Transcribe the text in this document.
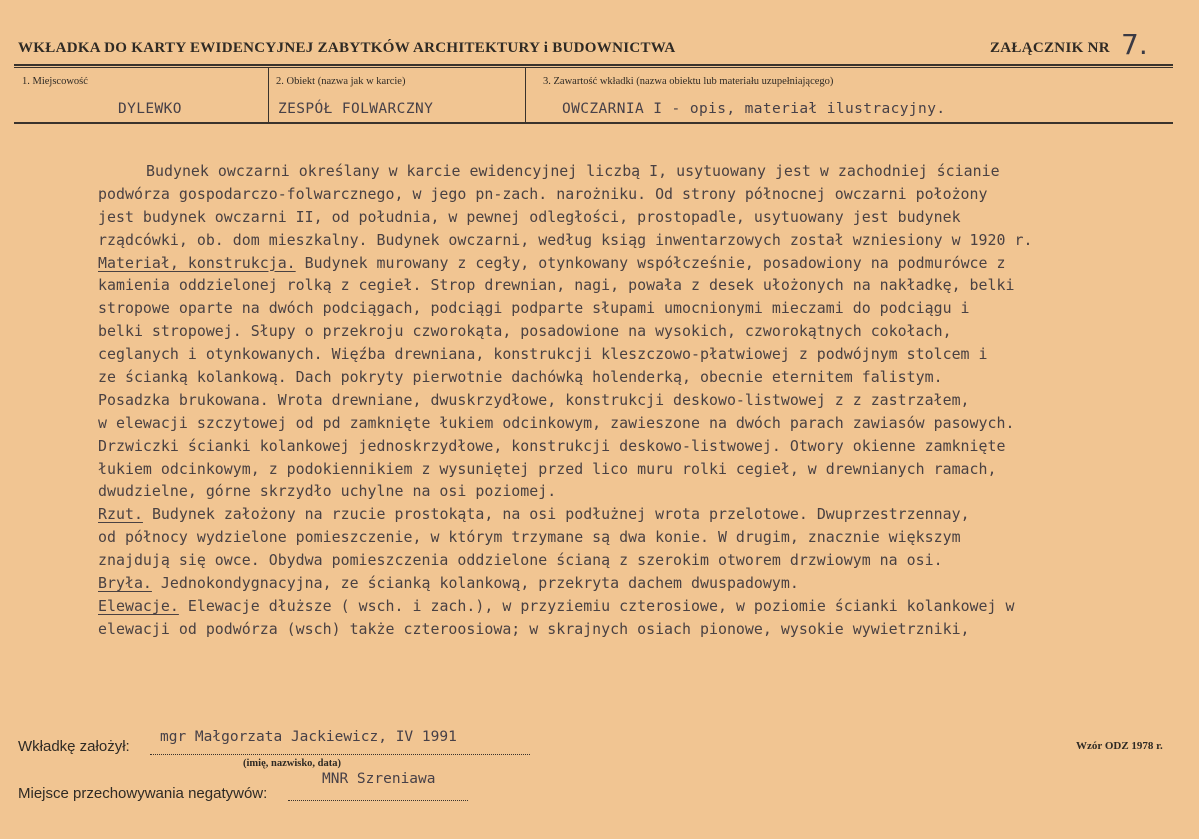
WKŁADKA DO KARTY EWIDENCYJNEJ ZABYTKÓW ARCHITEKTURY i BUDOWNICTWA	ZAŁĄCZNIK NR 7.
1. Miejscowość
DYLEWKO
2. Obiekt (nazwa jak w karcie)
ZESPÓŁ FOLWARCZNY
3. Zawartość wkładki (nazwa obiektu lub materiału uzupełniającego)
OWCZARNIA I - opis, materiał ilustracyjny.
Budynek owczarni określany w karcie ewidencyjnej liczbą I, usytuowany jest w zachodniej ścianie
podwórza gospodarczo-folwarcznego, w jego pn-zach. narożniku. Od strony północnej owczarni położony
jest budynek owczarni II, od południa, w pewnej odległości, prostopadle, usytuowany jest budynek
rządcówki, ob. dom mieszkalny. Budynek owczarni, według ksiąg inwentarzowych został wzniesiony w 1920 r.
Materiał, konstrukcja. Budynek murowany z cegły, otynkowany współcześnie, posadowiony na podmurówce z
kamienia oddzielonej rolką z cegieł. Strop drewnian, nagi, powała z desek ułożonych na nakładkę, belki
stropowe oparte na dwóch podciągach, podciągi podparte słupami umocnionymi mieczami do podciągu i
belki stropowej. Słupy o przekroju czworokąta, posadowione na wysokich, czworokątnych cokołach,
ceglanych i otynkowanych. Więźba drewniana, konstrukcji kleszczowo-płatwiowej z podwójnym stolcem i
ze ścianką kolankową. Dach pokryty pierwotnie dachówką holenderką, obecnie eternitem falistym.
Posadzka brukowana. Wrota drewniane, dwuskrzydłowe, konstrukcji deskowo-listwowej z z zastrzałem,
w elewacji szczytowej od pd zamknięte łukiem odcinkowym, zawieszone na dwóch parach zawiasów pasowych.
Drzwiczki ścianki kolankowej jednoskrzydłowe, konstrukcji deskowo-listwowej. Otwory okienne zamknięte
łukiem odcinkowym, z podokiennikiem z wysuniętej przed lico muru rolki cegieł, w drewnianych ramach,
dwudzielne, górne skrzydło uchylne na osi poziomej.
Rzut. Budynek założony na rzucie prostokąta, na osi podłużnej wrota przelotowe. Dwuprzestrzennay,
od północy wydzielone pomieszczenie, w którym trzymane są dwa konie. W drugim, znacznie większym
znajdują się owce. Obydwa pomieszczenia oddzielone ścianą z szerokim otworem drzwiowym na osi.
Bryła. Jednokondygnacyjna, ze ścianką kolankową, przekryta dachem dwuspadowym.
Elewacje. Elewacje dłuższe ( wsch. i zach.), w przyziemiu czterosiowe, w poziomie ścianki kolankowej w
elewacji od podwórza (wsch) także czteroosiowa; w skrajnych osiach pionowe, wysokie wywietrzniki,
Wkładkę założył:
mgr Małgorzata Jackiewicz, IV 1991
(imię, nazwisko, data)
Wzór ODZ 1978 r.
Miejsce przechowywania negatywów:
MNR Szreniawa
